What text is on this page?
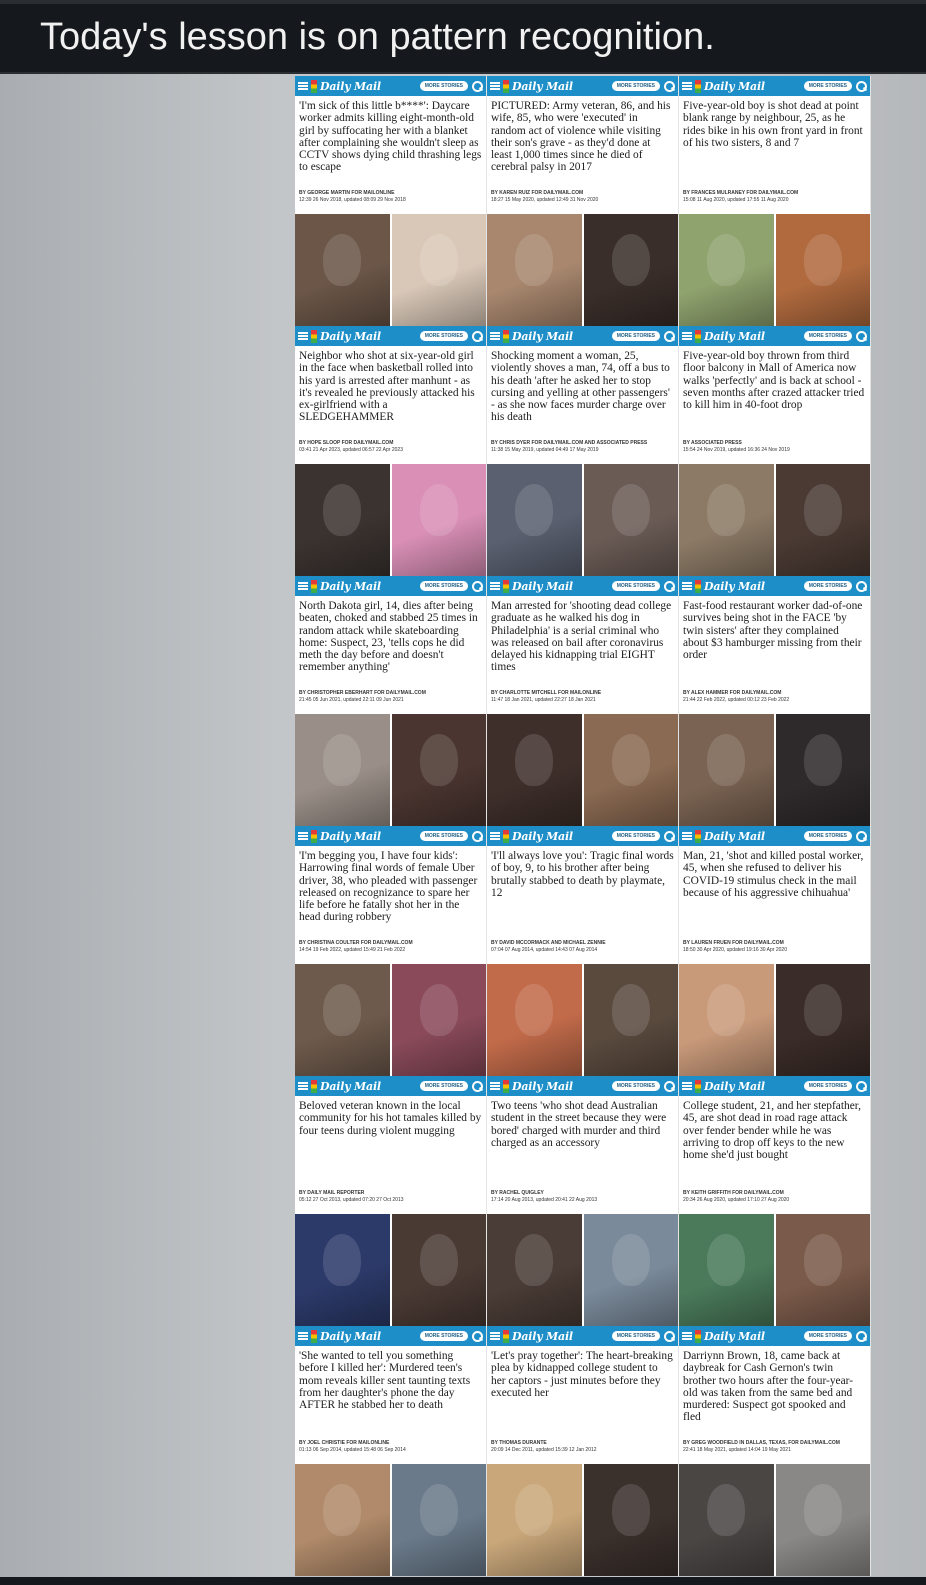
Today's lesson is on pattern recognition.
Daily Mail	MORE STORIES
'I'm sick of this little b****': Daycare worker admits killing eight-month-old girl by suffocating her with a blanket after complaining she wouldn't sleep as CCTV shows dying child thrashing legs to escape
BY GEORGE MARTIN FOR MAILONLINE
12:39 26 Nov 2018, updated 08:09 29 Nov 2018
Daily Mail	MORE STORIES
PICTURED: Army veteran, 86, and his wife, 85, who were 'executed' in random act of violence while visiting their son's grave - as they'd done at least 1,000 times since he died of cerebral palsy in 2017
BY KAREN RUIZ FOR DAILYMAIL.COM
18:27 15 May 2020, updated 12:49 31 Nov 2020
Daily Mail	MORE STORIES
Five-year-old boy is shot dead at point blank range by neighbour, 25, as he rides bike in his own front yard in front of his two sisters, 8 and 7
BY FRANCES MULRANEY FOR DAILYMAIL.COM
15:08 11 Aug 2020, updated 17:55 11 Aug 2020
Daily Mail	MORE STORIES
Neighbor who shot at six-year-old girl in the face when basketball rolled into his yard is arrested after manhunt - as it's revealed he previously attacked his ex-girlfriend with a SLEDGEHAMMER
BY HOPE SLOOP FOR DAILYMAIL.COM
03:41 21 Apr 2023, updated 06:57 22 Apr 2023
Daily Mail	MORE STORIES
Shocking moment a woman, 25, violently shoves a man, 74, off a bus to his death 'after he asked her to stop cursing and yelling at other passengers' - as she now faces murder charge over his death
BY CHRIS DYER FOR DAILYMAIL.COM AND ASSOCIATED PRESS
11:38 15 May 2019, updated 04:49 17 May 2019
Daily Mail	MORE STORIES
Five-year-old boy thrown from third floor balcony in Mall of America now walks 'perfectly' and is back at school - seven months after crazed attacker tried to kill him in 40-foot drop
BY ASSOCIATED PRESS
15:54 24 Nov 2019, updated 16:36 24 Nov 2019
Daily Mail	MORE STORIES
North Dakota girl, 14, dies after being beaten, choked and stabbed 25 times in random attack while skateboarding home: Suspect, 23, 'tells cops he did meth the day before and doesn't remember anything'
BY CHRISTOPHER EBERHART FOR DAILYMAIL.COM
21:45 05 Jun 2021, updated 22:11 09 Jun 2021
Daily Mail	MORE STORIES
Man arrested for 'shooting dead college graduate as he walked his dog in Philadelphia' is a serial criminal who was released on bail after coronavirus delayed his kidnapping trial EIGHT times
BY CHARLOTTE MITCHELL FOR MAILONLINE
11:47 18 Jan 2021, updated 22:27 18 Jan 2021
Daily Mail	MORE STORIES
Fast-food restaurant worker dad-of-one survives being shot in the FACE 'by twin sisters' after they complained about $3 hamburger missing from their order
BY ALEX HAMMER FOR DAILYMAIL.COM
21:44 22 Feb 2022, updated 00:12 23 Feb 2022
Daily Mail	MORE STORIES
'I'm begging you, I have four kids': Harrowing final words of female Uber driver, 38, who pleaded with passenger released on recognizance to spare her life before he fatally shot her in the head during robbery
BY CHRISTINA COULTER FOR DAILYMAIL.COM
14:54 19 Feb 2022, updated 15:49 21 Feb 2022
Daily Mail	MORE STORIES
'I'll always love you': Tragic final words of boy, 9, to his brother after being brutally stabbed to death by playmate, 12
BY DAVID MCCORMACK AND MICHAEL ZENNIE
07:04 07 Aug 2014, updated 14:43 07 Aug 2014
Daily Mail	MORE STORIES
Man, 21, 'shot and killed postal worker, 45, when she refused to deliver his COVID-19 stimulus check in the mail because of his aggressive chihuahua'
BY LAUREN FRUEN FOR DAILYMAIL.COM
18:50 30 Apr 2020, updated 19:16 30 Apr 2020
Daily Mail	MORE STORIES
Beloved veteran known in the local community for his hot tamales killed by four teens during violent mugging
BY DAILY MAIL REPORTER
05:12 27 Oct 2013, updated 07:20 27 Oct 2013
Daily Mail	MORE STORIES
Two teens 'who shot dead Australian student in the street because they were bored' charged with murder and third charged as an accessory
BY RACHEL QUIGLEY
17:14 20 Aug 2013, updated 20:41 22 Aug 2013
Daily Mail	MORE STORIES
College student, 21, and her stepfather, 45, are shot dead in road rage attack over fender bender while he was arriving to drop off keys to the new home she'd just bought
BY KEITH GRIFFITH FOR DAILYMAIL.COM
20:34 26 Aug 2020, updated 17:10 27 Aug 2020
Daily Mail	MORE STORIES
'She wanted to tell you something before I killed her': Murdered teen's mom reveals killer sent taunting texts from her daughter's phone the day AFTER he stabbed her to death
BY JOEL CHRISTIE FOR MAILONLINE
01:13 06 Sep 2014, updated 15:48 06 Sep 2014
Daily Mail	MORE STORIES
'Let's pray together': The heart-breaking plea by kidnapped college student to her captors - just minutes before they executed her
BY THOMAS DURANTE
20:09 14 Dec 2011, updated 15:39 12 Jan 2012
Daily Mail	MORE STORIES
Darriynn Brown, 18, came back at daybreak for Cash Gernon's twin brother two hours after the four-year-old was taken from the same bed and murdered: Suspect got spooked and fled
BY GREG WOODFIELD IN DALLAS, TEXAS, FOR DAILYMAIL.COM
22:41 18 May 2021, updated 14:04 19 May 2021
